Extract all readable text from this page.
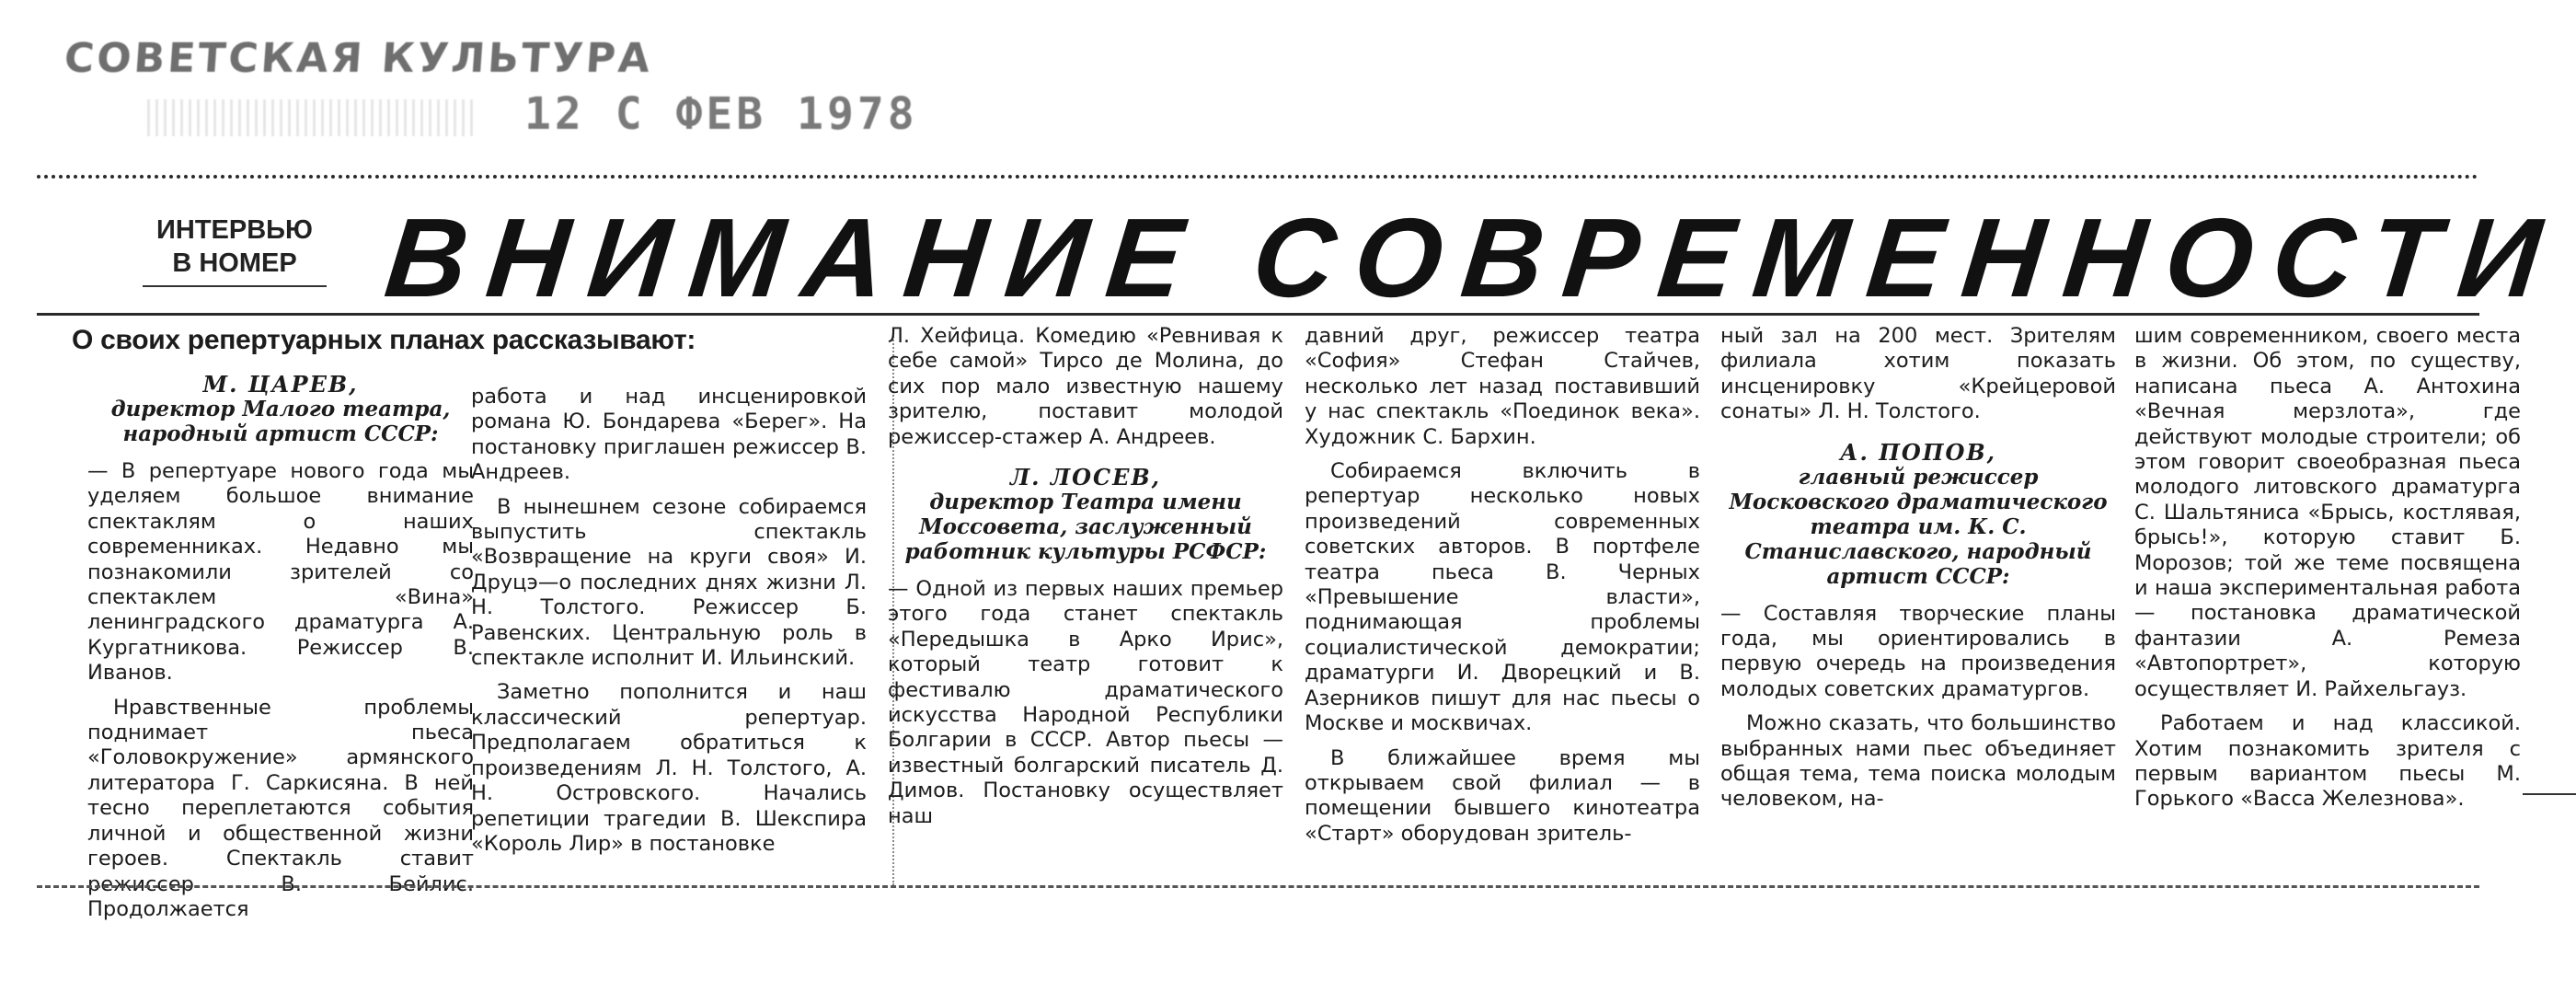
СОВЕТСКАЯ КУЛЬТУРА
12 С ФЕВ 1978
ИНТЕРВЬЮ
В НОМЕР ВНИМАНИЕ СОВРЕМЕННОСТИ

О своих репертуарных планах рассказывают:

М. ЦАРЕВ,
директор Малого театра, народный артист СССР:

— В репертуаре нового года мы уделяем большое внимание спектаклям о наших современниках. Недавно мы познакомили зрителей со спектаклем «Вина» ленинградского драматурга А. Кургатникова. Режиссер В. Иванов.

Нравственные проблемы поднимает пьеса «Головокружение» армянского литератора Г. Саркисяна. В ней тесно переплетаются события личной и общественной жизни героев. Спектакль ставит режиссер В. Бейлис. Продолжается

работа и над инсценировкой романа Ю. Бондарева «Берег». На постановку приглашен режиссер В. Андреев.

В нынешнем сезоне собираемся выпустить спектакль «Возвращение на круги своя» И. Друцэ—о последних днях жизни Л. Н. Толстого. Режиссер Б. Равенских. Центральную роль в спектакле исполнит И. Ильинский.

Заметно пополнится и наш классический репертуар. Предполагаем обратиться к произведениям Л. Н. Толстого, А. Н. Островского. Начались репетиции трагедии В. Шекспира «Король Лир» в постановке

Л. Хейфица. Комедию «Ревнивая к себе самой» Тирсо де Молина, до сих пор мало известную нашему зрителю, поставит молодой режиссер-стажер А. Андреев.

Л. ЛОСЕВ,
директор Театра имени Моссовета, заслуженный работник культуры РСФСР:

— Одной из первых наших премьер этого года станет спектакль «Передышка в Арко Ирис», который театр готовит к фестивалю драматического искусства Народной Республики Болгарии в СССР. Автор пьесы — известный болгарский писатель Д. Димов. Постановку осуществляет наш

давний друг, режиссер театра «София» Стефан Стайчев, несколько лет назад поставивший у нас спектакль «Поединок века». Художник С. Бархин.

Собираемся включить в репертуар несколько новых произведений современных советских авторов. В портфеле театра пьеса В. Черных «Превышение власти», поднимающая проблемы социалистической демократии; драматурги И. Дворецкий и В. Азерников пишут для нас пьесы о Москве и москвичах.

В ближайшее время мы открываем свой филиал — в помещении бывшего кинотеатра «Старт» оборудован зритель-

ный зал на 200 мест. Зрителям филиала хотим показать инсценировку «Крейцеровой сонаты» Л. Н. Толстого.

А. ПОПОВ,
главный режиссер Московского драматического театра им. К. С. Станиславского, народный артист СССР:

— Составляя творческие планы года, мы ориентировались в первую очередь на произведения молодых советских драматургов.

Можно сказать, что большинство выбранных нами пьес объединяет общая тема, тема поиска молодым человеком, на-

шим современником, своего места в жизни. Об этом, по существу, написана пьеса А. Антохина «Вечная мерзлота», где действуют молодые строители; об этом говорит своеобразная пьеса молодого литовского драматурга С. Шальтяниса «Брысь, костлявая, брысь!», которую ставит Б. Морозов; той же теме посвящена и наша экспериментальная работа — постановка драматической фантазии А. Ремеза «Автопортрет», которую осуществляет И. Райхельгауз.

Работаем и над классикой. Хотим познакомить зрителя с первым вариантом пьесы М. Горького «Васса Железнова».
